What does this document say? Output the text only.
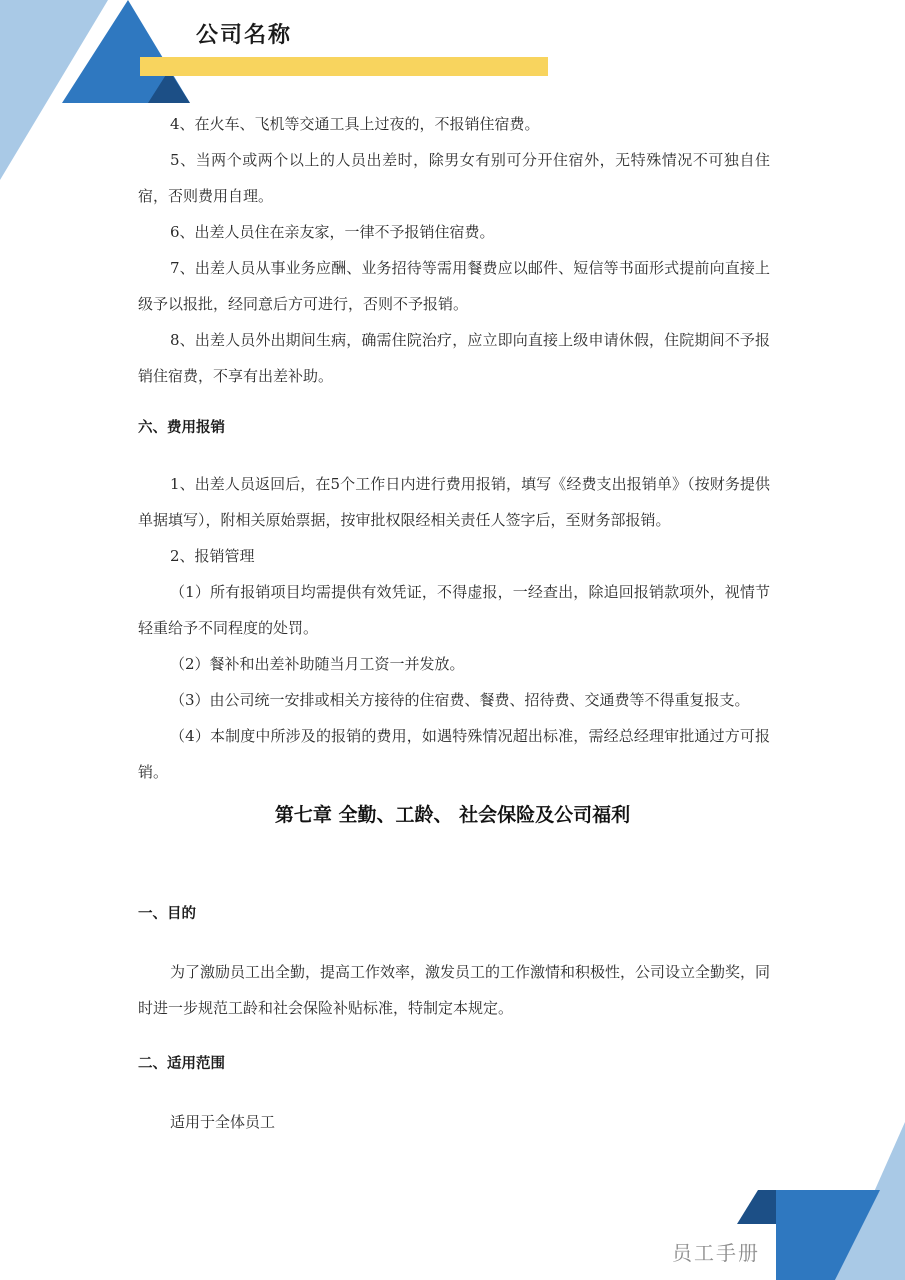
公司名称
4、在火车、飞机等交通工具上过夜的，不报销住宿费。
5、当两个或两个以上的人员出差时，除男女有别可分开住宿外，无特殊情况不可独自住宿，否则费用自理。
6、出差人员住在亲友家，一律不予报销住宿费。
7、出差人员从事业务应酬、业务招待等需用餐费应以邮件、短信等书面形式提前向直接上级予以报批，经同意后方可进行，否则不予报销。
8、出差人员外出期间生病，确需住院治疗，应立即向直接上级申请休假，住院期间不予报销住宿费，不享有出差补助。
六、费用报销
1、出差人员返回后，在5个工作日内进行费用报销，填写《经费支出报销单》（按财务提供单据填写），附相关原始票据，按审批权限经相关责任人签字后，至财务部报销。
2、报销管理
（1）所有报销项目均需提供有效凭证，不得虚报，一经查出，除追回报销款项外，视情节轻重给予不同程度的处罚。
（2）餐补和出差补助随当月工资一并发放。
（3）由公司统一安排或相关方接待的住宿费、餐费、招待费、交通费等不得重复报支。
（4）本制度中所涉及的报销的费用，如遇特殊情况超出标准，需经总经理审批通过方可报销。
第七章 全勤、工龄、 社会保险及公司福利
一、目的
为了激励员工出全勤，提高工作效率，激发员工的工作激情和积极性，公司设立全勤奖，同时进一步规范工龄和社会保险补贴标准，特制定本规定。
二、适用范围
适用于全体员工
员工手册
